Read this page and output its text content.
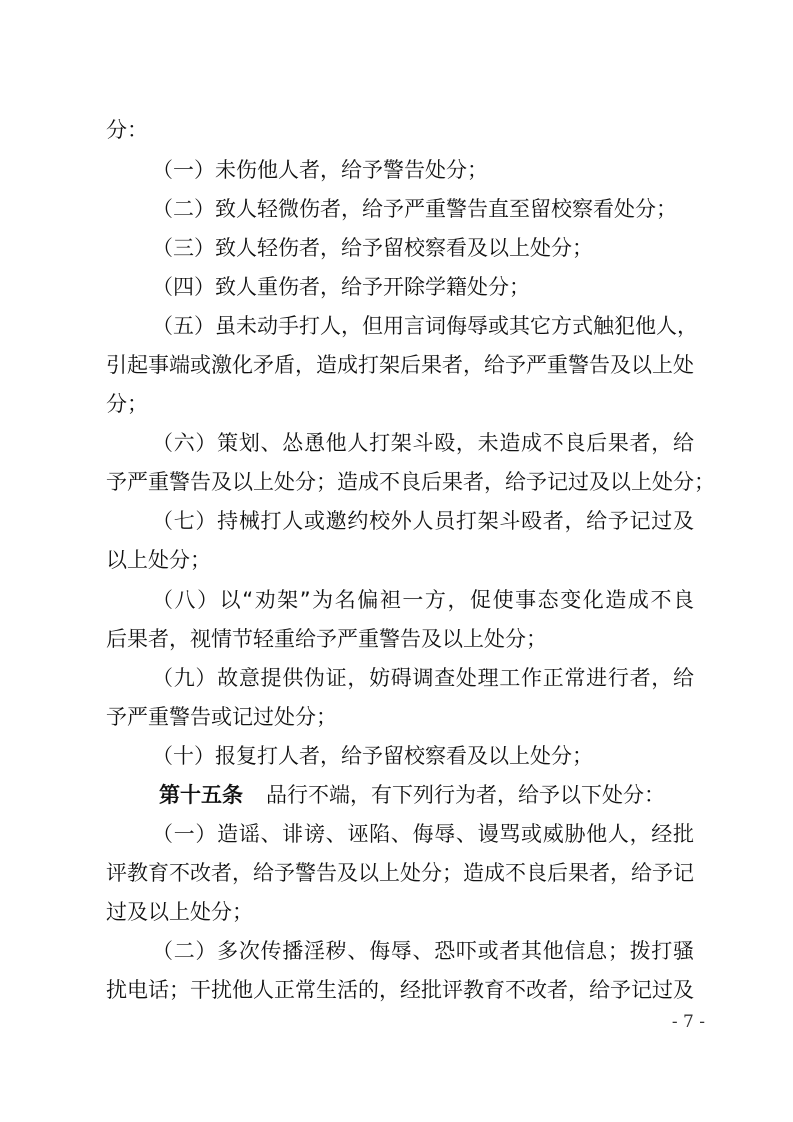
分：
（一）未伤他人者，给予警告处分；
（二）致人轻微伤者，给予严重警告直至留校察看处分；
（三）致人轻伤者，给予留校察看及以上处分；
（四）致人重伤者，给予开除学籍处分；
（五）虽未动手打人，但用言词侮辱或其它方式触犯他人，
引起事端或激化矛盾，造成打架后果者，给予严重警告及以上处
分；
（六）策划、怂恿他人打架斗殴，未造成不良后果者，给
予严重警告及以上处分；造成不良后果者，给予记过及以上处分；
（七）持械打人或邀约校外人员打架斗殴者，给予记过及
以上处分；
（八）以“劝架”为名偏袒一方，促使事态变化造成不良
后果者，视情节轻重给予严重警告及以上处分；
（九）故意提供伪证，妨碍调查处理工作正常进行者，给
予严重警告或记过处分；
（十）报复打人者，给予留校察看及以上处分；
第十五条 品行不端，有下列行为者，给予以下处分：
（一）造谣、诽谤、诬陷、侮辱、谩骂或威胁他人，经批
评教育不改者，给予警告及以上处分；造成不良后果者，给予记
过及以上处分；
（二）多次传播淫秽、侮辱、恐吓或者其他信息；拨打骚
扰电话；干扰他人正常生活的，经批评教育不改者，给予记过及
- 7 -
